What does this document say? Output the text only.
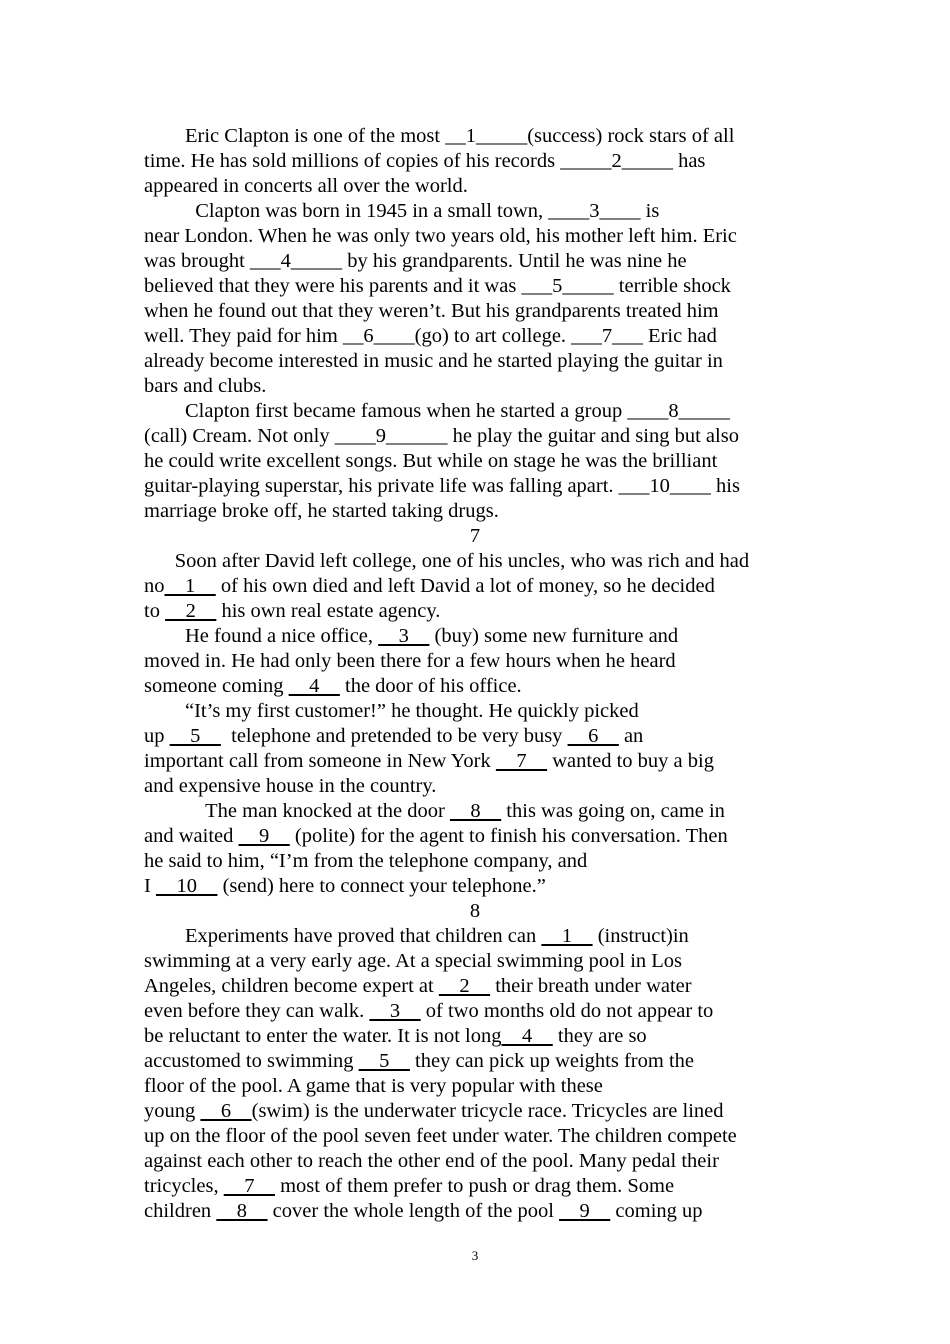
Eric Clapton is one of the most __1_____(success) rock stars of all
time. He has sold millions of copies of his records _____2_____ has
appeared in concerts all over the world.
Clapton was born in 1945 in a small town, ____3____ is
near London. When he was only two years old, his mother left him. Eric
was brought ___4_____ by his grandparents. Until he was nine he
believed that they were his parents and it was ___5_____ terrible shock
when he found out that they weren’t. But his grandparents treated him
well. They paid for him __6____(go) to art college. ___7___ Eric had
already become interested in music and he started playing the guitar in
bars and clubs.
Clapton first became famous when he started a group ____8_____
(call) Cream. Not only ____9______ he play the guitar and sing but also
he could write excellent songs. But while on stage he was the brilliant
guitar-playing superstar, his private life was falling apart. ___10____ his
marriage broke off, he started taking drugs.
7
Soon after David left college, one of his uncles, who was rich and had
no    1     of his own died and left David a lot of money, so he decided
to     2     his own real estate agency.
He found a nice office,     3     (buy) some new furniture and
moved in. He had only been there for a few hours when he heard
someone coming     4     the door of his office.
“It’s my first customer!” he thought. He quickly picked
up     5      telephone and pretended to be very busy     6     an
important call from someone in New York     7     wanted to buy a big
and expensive house in the country.
The man knocked at the door     8     this was going on, came in
and waited     9     (polite) for the agent to finish his conversation. Then
he said to him, “I’m from the telephone company, and
I     10     (send) here to connect your telephone.”
8
Experiments have proved that children can     1     (instruct)in
swimming at a very early age. At a special swimming pool in Los
Angeles, children become expert at     2     their breath under water
even before they can walk.     3     of two months old do not appear to
be reluctant to enter the water. It is not long    4     they are so
accustomed to swimming     5     they can pick up weights from the
floor of the pool. A game that is very popular with these
young     6    (swim) is the underwater tricycle race. Tricycles are lined
up on the floor of the pool seven feet under water. The children compete
against each other to reach the other end of the pool. Many pedal their
tricycles,     7     most of them prefer to push or drag them. Some
children     8     cover the whole length of the pool     9     coming up
3
